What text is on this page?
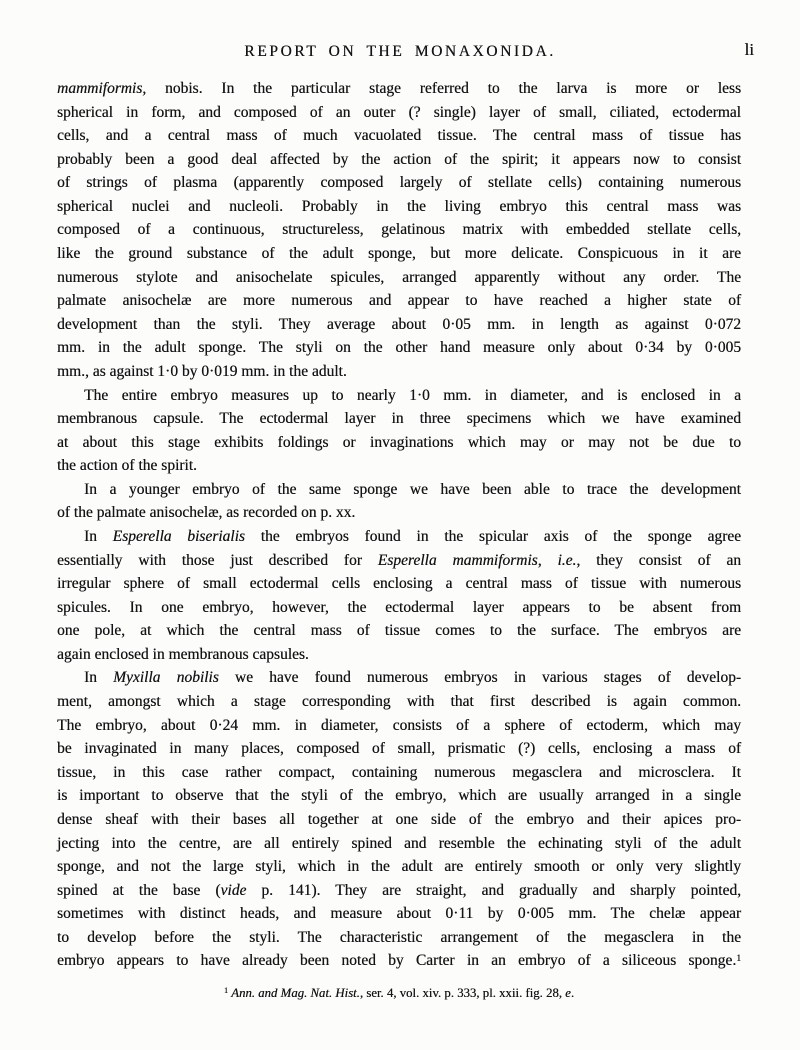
REPORT ON THE MONAXONIDA.	li
mammiformis, nobis. In the particular stage referred to the larva is more or less
spherical in form, and composed of an outer (? single) layer of small, ciliated, ectodermal
cells, and a central mass of much vacuolated tissue. The central mass of tissue has
probably been a good deal affected by the action of the spirit; it appears now to consist
of strings of plasma (apparently composed largely of stellate cells) containing numerous
spherical nuclei and nucleoli. Probably in the living embryo this central mass was
composed of a continuous, structureless, gelatinous matrix with embedded stellate cells,
like the ground substance of the adult sponge, but more delicate. Conspicuous in it are
numerous stylote and anisochelate spicules, arranged apparently without any order. The
palmate anisochelæ are more numerous and appear to have reached a higher state of
development than the styli. They average about 0·05 mm. in length as against 0·072
mm. in the adult sponge. The styli on the other hand measure only about 0·34 by 0·005
mm., as against 1·0 by 0·019 mm. in the adult.
The entire embryo measures up to nearly 1·0 mm. in diameter, and is enclosed in a
membranous capsule. The ectodermal layer in three specimens which we have examined
at about this stage exhibits foldings or invaginations which may or may not be due to
the action of the spirit.
In a younger embryo of the same sponge we have been able to trace the development
of the palmate anisochelæ, as recorded on p. xx.
In Esperella biserialis the embryos found in the spicular axis of the sponge agree
essentially with those just described for Esperella mammiformis, i.e., they consist of an
irregular sphere of small ectodermal cells enclosing a central mass of tissue with numerous
spicules. In one embryo, however, the ectodermal layer appears to be absent from
one pole, at which the central mass of tissue comes to the surface. The embryos are
again enclosed in membranous capsules.
In Myxilla nobilis we have found numerous embryos in various stages of develop-
ment, amongst which a stage corresponding with that first described is again common.
The embryo, about 0·24 mm. in diameter, consists of a sphere of ectoderm, which may
be invaginated in many places, composed of small, prismatic (?) cells, enclosing a mass of
tissue, in this case rather compact, containing numerous megasclera and microsclera. It
is important to observe that the styli of the embryo, which are usually arranged in a single
dense sheaf with their bases all together at one side of the embryo and their apices pro-
jecting into the centre, are all entirely spined and resemble the echinating styli of the adult
sponge, and not the large styli, which in the adult are entirely smooth or only very slightly
spined at the base (vide p. 141). They are straight, and gradually and sharply pointed,
sometimes with distinct heads, and measure about 0·11 by 0·005 mm. The chelæ appear
to develop before the styli. The characteristic arrangement of the megasclera in the
embryo appears to have already been noted by Carter in an embryo of a siliceous sponge.$^1$
$^1$ Ann. and Mag. Nat. Hist., ser. 4, vol. xiv. p. 333, pl. xxii. fig. 28, e.
